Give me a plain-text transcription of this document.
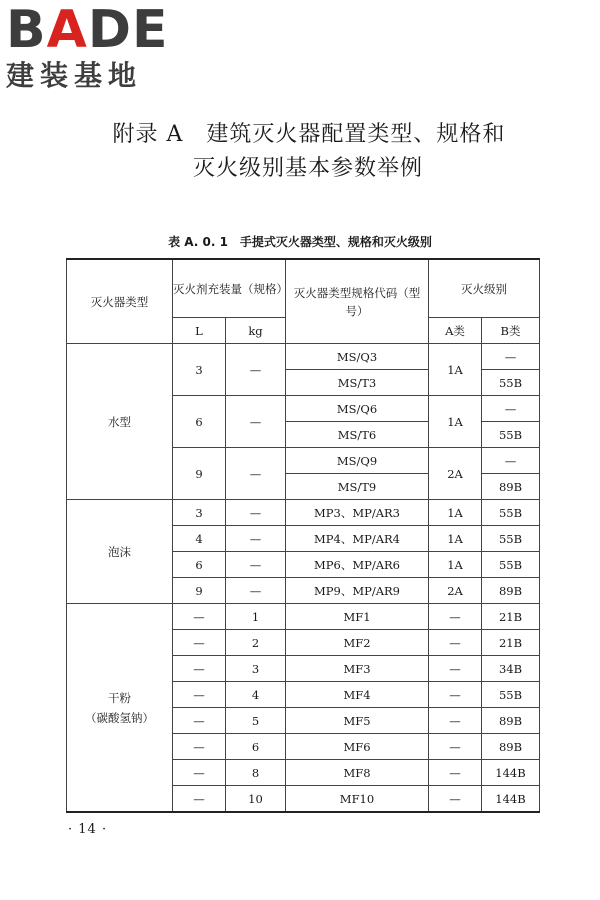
BADE
建装基地
附录 A　建筑灭火器配置类型、规格和
灭火级别基本参数举例
表 A. 0. 1　手提式灭火器类型、规格和灭火级别
灭火器类型	灭火剂充装量（规格）		灭火器类型规格代码（型号）	灭火级别	
	L	kg		A类	B类
水型	3	—	MS/Q3	1A	—
			MS/T3		55B
	6	—	MS/Q6	1A	—
			MS/T6		55B
	9	—	MS/Q9	2A	—
			MS/T9		89B
泡沫	3	—	MP3、MP/AR3	1A	55B
	4	—	MP4、MP/AR4	1A	55B
	6	—	MP6、MP/AR6	1A	55B
	9	—	MP9、MP/AR9	2A	89B

干粉
（碳酸氢钠）	—	1	MF1	—	21B
	—	2	MF2	—	21B
	—	3	MF3	—	34B
	—	4	MF4	—	55B
	—	5	MF5	—	89B
	—	6	MF6	—	89B
	—	8	MF8	—	144B
	—	10	MF10	—	144B
· 14 ·
